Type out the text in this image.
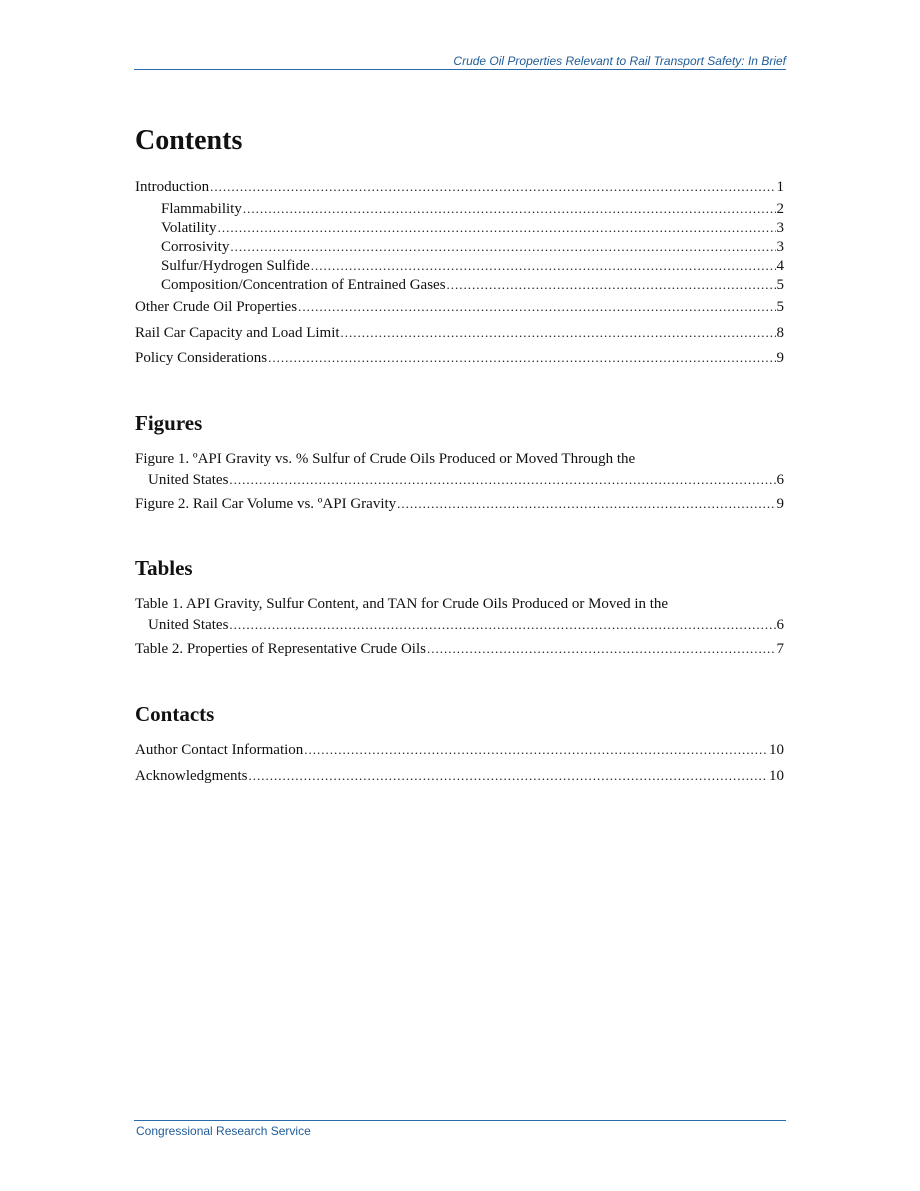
Crude Oil Properties Relevant to Rail Transport Safety: In Brief
Contents
Introduction .....	1
Flammability .....	2
Volatility .....	3
Corrosivity .....	3
Sulfur/Hydrogen Sulfide .....	4
Composition/Concentration of Entrained Gases .....	5
Other Crude Oil Properties .....	5
Rail Car Capacity and Load Limit .....	8
Policy Considerations .....	9
Figures
Figure 1. ºAPI Gravity vs. % Sulfur of Crude Oils Produced or Moved Through the
United States .....	6
Figure 2. Rail Car Volume vs. ºAPI Gravity .....	9
Tables
Table 1. API Gravity, Sulfur Content, and TAN for Crude Oils Produced or Moved in the
United States .....	6
Table 2. Properties of Representative Crude Oils .....	7
Contacts
Author Contact Information .....	10
Acknowledgments .....	10
Congressional Research Service
